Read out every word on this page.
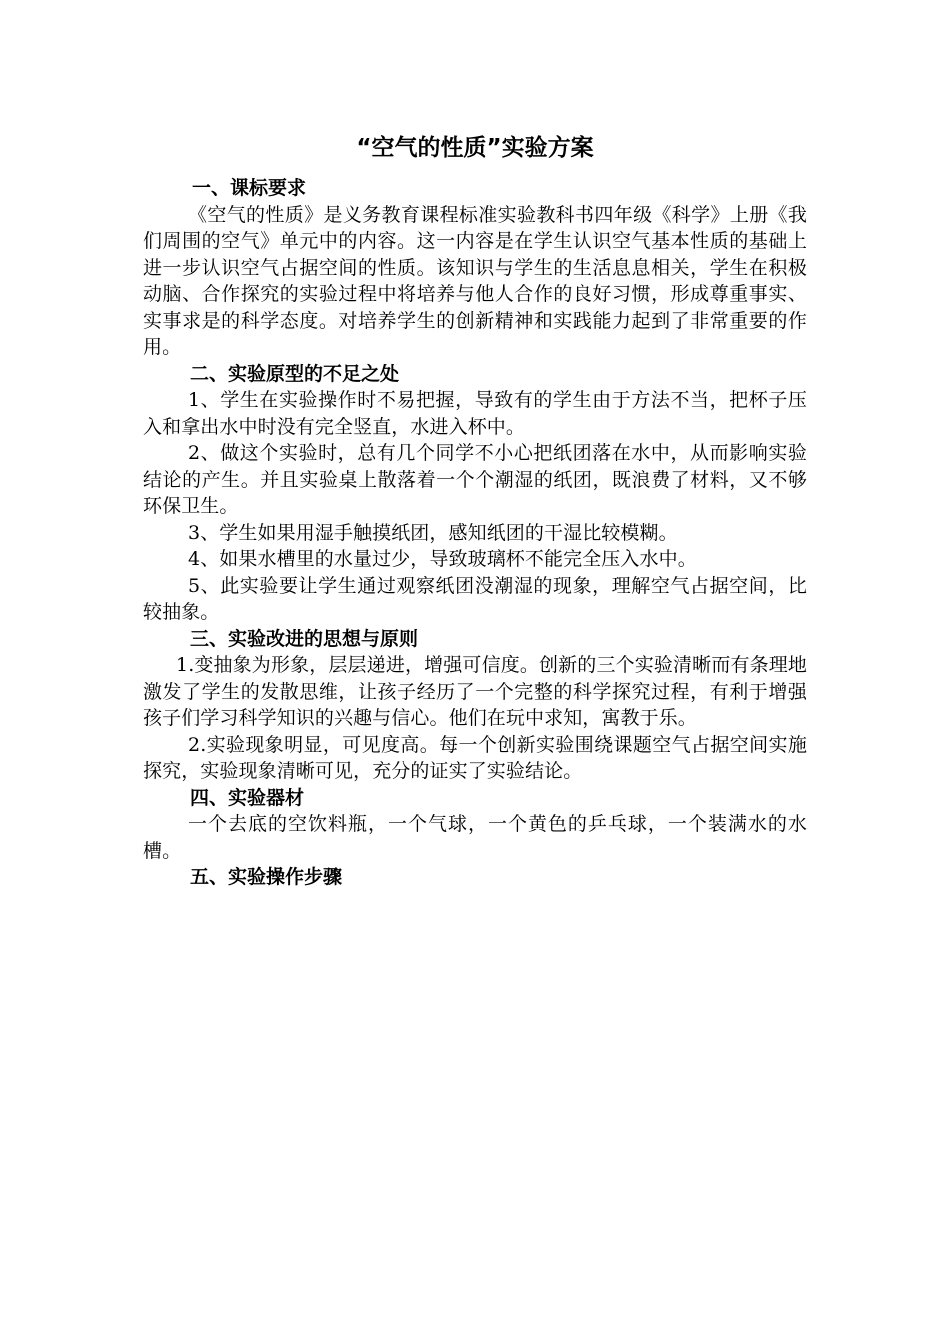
“空气的性质”实验方案

一、课标要求

《空气的性质》是义务教育课程标准实验教科书四年级《科学》上册《我们周围的空气》单元中的内容。这一内容是在学生认识空气基本性质的基础上进一步认识空气占据空间的性质。该知识与学生的生活息息相关，学生在积极动脑、合作探究的实验过程中将培养与他人合作的良好习惯，形成尊重事实、实事求是的科学态度。对培养学生的创新精神和实践能力起到了非常重要的作用。

二、实验原型的不足之处

1、学生在实验操作时不易把握，导致有的学生由于方法不当，把杯子压入和拿出水中时没有完全竖直，水进入杯中。

2、做这个实验时，总有几个同学不小心把纸团落在水中，从而影响实验结论的产生。并且实验桌上散落着一个个潮湿的纸团，既浪费了材料，又不够环保卫生。

3、学生如果用湿手触摸纸团，感知纸团的干湿比较模糊。

4、如果水槽里的水量过少，导致玻璃杯不能完全压入水中。

5、此实验要让学生通过观察纸团没潮湿的现象，理解空气占据空间，比较抽象。

三、实验改进的思想与原则

1.变抽象为形象，层层递进，增强可信度。创新的三个实验清晰而有条理地激发了学生的发散思维，让孩子经历了一个完整的科学探究过程，有利于增强孩子们学习科学知识的兴趣与信心。他们在玩中求知，寓教于乐。

2.实验现象明显，可见度高。每一个创新实验围绕课题空气占据空间实施探究，实验现象清晰可见，充分的证实了实验结论。

四、实验器材

一个去底的空饮料瓶，一个气球，一个黄色的乒乓球，一个装满水的水槽。

五、实验操作步骤
